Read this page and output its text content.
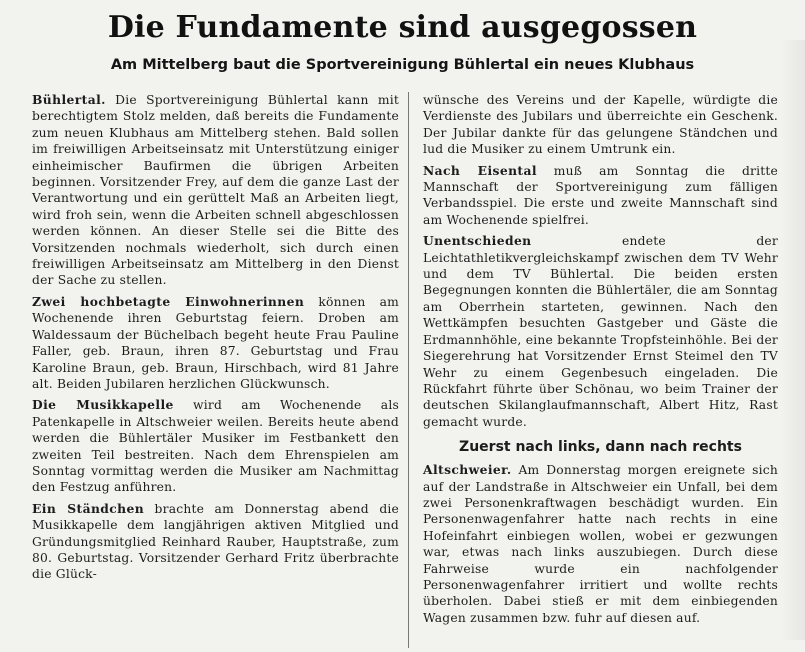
Die Fundamente sind ausgegossen
Am Mittelberg baut die Sportvereinigung Bühlertal ein neues Klubhaus

Bühlertal. Die Sportvereinigung Bühlertal kann mit berechtigtem Stolz melden, daß bereits die Fundamente zum neuen Klubhaus am Mittelberg stehen. Bald sollen im freiwilligen Arbeitseinsatz mit Unterstützung einiger einheimischer Baufirmen die übrigen Arbeiten beginnen. Vorsitzender Frey, auf dem die ganze Last der Verantwortung und ein gerüttelt Maß an Arbeiten liegt, wird froh sein, wenn die Arbeiten schnell abgeschlossen werden können. An dieser Stelle sei die Bitte des Vorsitzenden nochmals wiederholt, sich durch einen freiwilligen Arbeitseinsatz am Mittelberg in den Dienst der Sache zu stellen.

Zwei hochbetagte Einwohnerinnen können am Wochenende ihren Geburtstag feiern. Droben am Waldessaum der Büchelbach begeht heute Frau Pauline Faller, geb. Braun, ihren 87. Geburtstag und Frau Karoline Braun, geb. Braun, Hirschbach, wird 81 Jahre alt. Beiden Jubilaren herzlichen Glückwunsch.

Die Musikkapelle wird am Wochenende als Patenkapelle in Altschweier weilen. Bereits heute abend werden die Bühlertäler Musiker im Festbankett den zweiten Teil bestreiten. Nach dem Ehrenspielen am Sonntag vormittag werden die Musiker am Nachmittag den Festzug anführen.

Ein Ständchen brachte am Donnerstag abend die Musikkapelle dem langjährigen aktiven Mitglied und Gründungsmitglied Reinhard Rauber, Hauptstraße, zum 80. Geburtstag. Vorsitzender Gerhard Fritz überbrachte die Glück-

wünsche des Vereins und der Kapelle, würdigte die Verdienste des Jubilars und überreichte ein Geschenk. Der Jubilar dankte für das gelungene Ständchen und lud die Musiker zu einem Umtrunk ein.

Nach Eisental muß am Sonntag die dritte Mannschaft der Sportvereinigung zum fälligen Verbandsspiel. Die erste und zweite Mannschaft sind am Wochenende spielfrei.

Unentschieden endete der Leichtathletikvergleichskampf zwischen dem TV Wehr und dem TV Bühlertal. Die beiden ersten Begegnungen konnten die Bühlertäler, die am Sonntag am Oberrhein starteten, gewinnen. Nach den Wettkämpfen besuchten Gastgeber und Gäste die Erdmannhöhle, eine bekannte Tropfsteinhöhle. Bei der Siegerehrung hat Vorsitzender Ernst Steimel den TV Wehr zu einem Gegenbesuch eingeladen. Die Rückfahrt führte über Schönau, wo beim Trainer der deutschen Skilanglaufmannschaft, Albert Hitz, Rast gemacht wurde.

Zuerst nach links, dann nach rechts

Altschweier. Am Donnerstag morgen ereignete sich auf der Landstraße in Altschweier ein Unfall, bei dem zwei Personenkraftwagen beschädigt wurden. Ein Personenwagenfahrer hatte nach rechts in eine Hofeinfahrt einbiegen wollen, wobei er gezwungen war, etwas nach links auszubiegen. Durch diese Fahrweise wurde ein nachfolgender Personenwagenfahrer irritiert und wollte rechts überholen. Dabei stieß er mit dem einbiegenden Wagen zusammen bzw. fuhr auf diesen auf.
